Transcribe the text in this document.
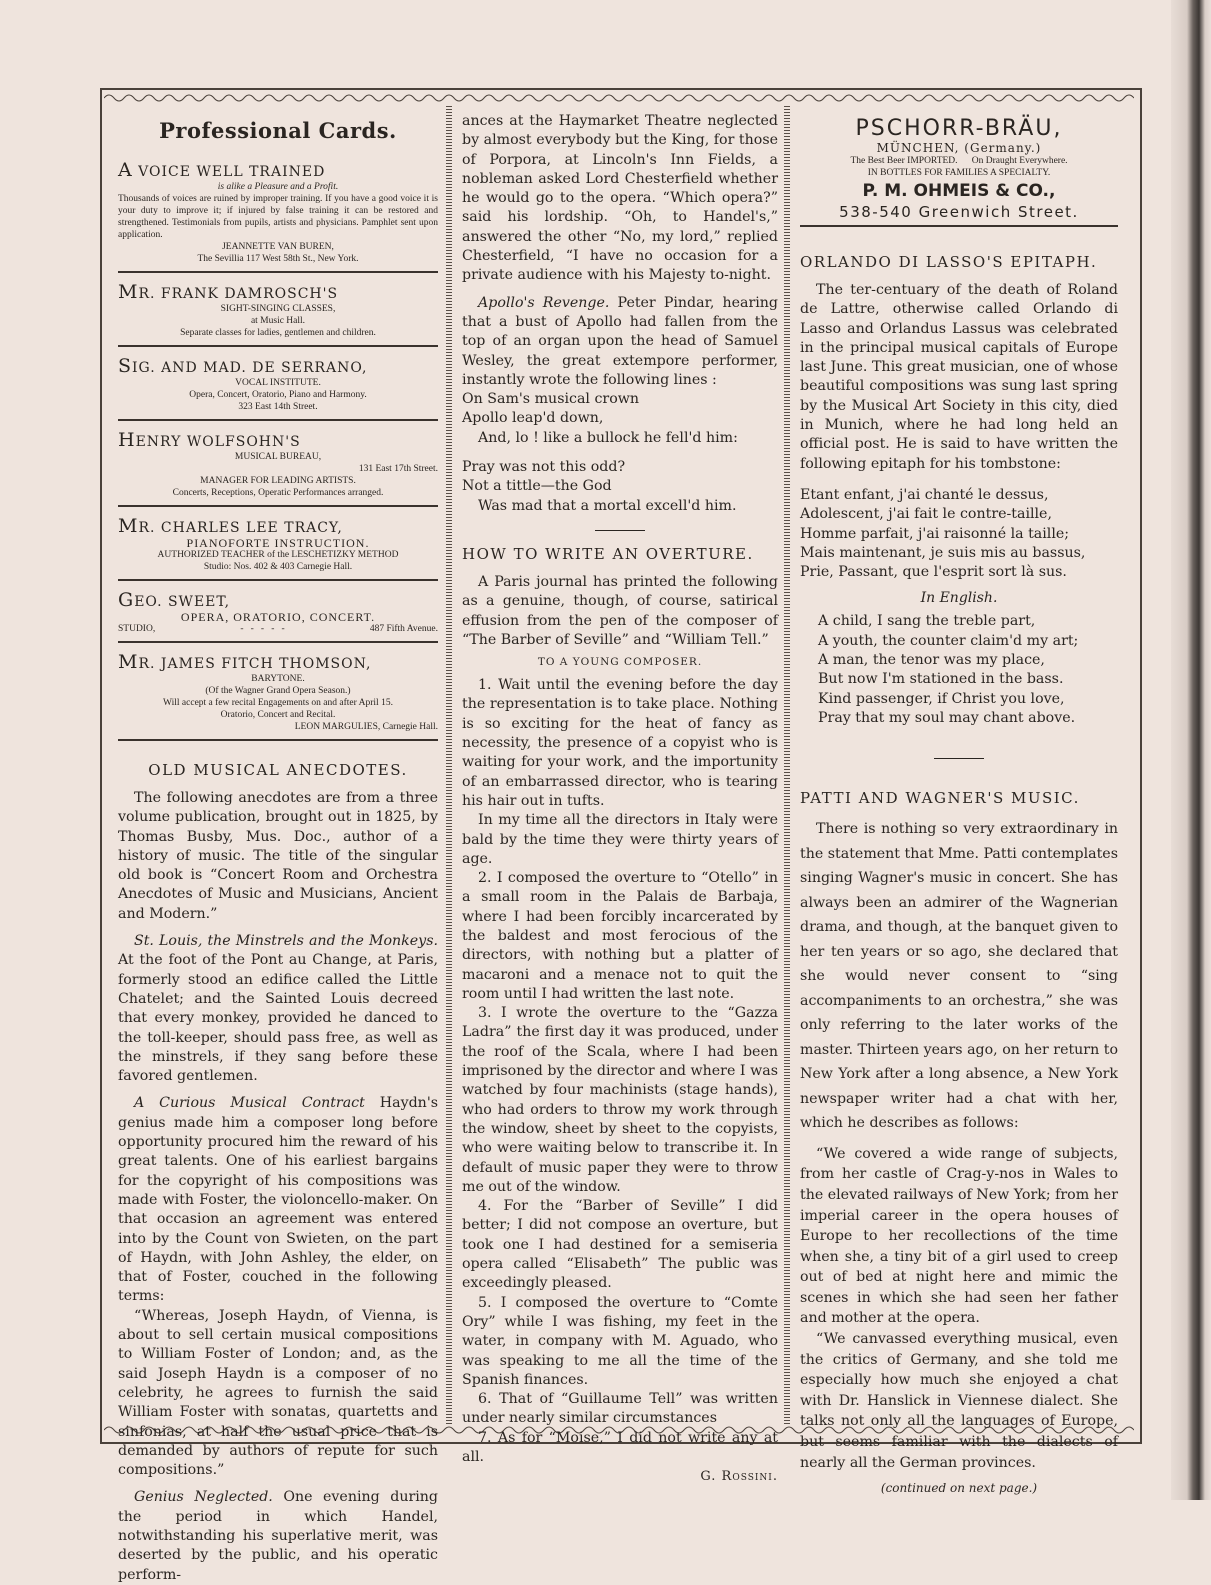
Professional Cards.
A VOICE WELL TRAINED
is alike a Pleasure and a Profit.
Thousands of voices are ruined by improper training. If you have a good voice it is your duty to improve it; if injured by false training it can be restored and strengthened. Testimonials from pupils, artists and physicians. Pamphlet sent upon application.
JEANNETTE VAN BUREN,
The Sevillia 117 West 58th St., New York.
MR. FRANK DAMROSCH'S
SIGHT-SINGING CLASSES,
at Music Hall.
Separate classes for ladies, gentlemen and children.
SIG. AND MAD. DE SERRANO,
VOCAL INSTITUTE.
Opera, Concert, Oratorio, Piano and Harmony.
323 East 14th Street.
HENRY WOLFSOHN'S
MUSICAL BUREAU,
131 East 17th Street.
MANAGER FOR LEADING ARTISTS.
Concerts, Receptions, Operatic Performances arranged.
MR. CHARLES LEE TRACY,
PIANOFORTE INSTRUCTION.
AUTHORIZED TEACHER of the LESCHETIZKY METHOD
Studio: Nos. 402 & 403 Carnegie Hall.
GEO. SWEET,
OPERA, ORATORIO, CONCERT.
STUDIO,	-   -   -   -   -	487 Fifth Avenue.
MR. JAMES FITCH THOMSON,
BARYTONE.
(Of the Wagner Grand Opera Season.)
Will accept a few recital Engagements on and after April 15.
Oratorio, Concert and Recital.
LEON MARGULIES, Carnegie Hall.
OLD MUSICAL ANECDOTES.

The following anecdotes are from a three volume publication, brought out in 1825, by Thomas Busby, Mus. Doc., author of a history of music. The title of the singular old book is “Concert Room and Orchestra Anecdotes of Music and Musicians, Ancient and Modern.”

St. Louis, the Minstrels and the Monkeys. At the foot of the Pont au Change, at Paris, formerly stood an edifice called the Little Chatelet; and the Sainted Louis decreed that every monkey, provided he danced to the toll-keeper, should pass free, as well as the minstrels, if they sang before these favored gentlemen.

A Curious Musical Contract Haydn's genius made him a composer long before opportunity procured him the reward of his great talents. One of his earliest bargains for the copyright of his compositions was made with Foster, the violoncello-maker. On that occasion an agreement was entered into by the Count von Swieten, on the part of Haydn, with John Ashley, the elder, on that of Foster, couched in the following terms:

“Whereas, Joseph Haydn, of Vienna, is about to sell certain musical compositions to William Foster of London; and, as the said Joseph Haydn is a composer of no celebrity, he agrees to furnish the said William Foster with sonatas, quartetts and sinfonias, at half the usual price that is demanded by authors of repute for such compositions.”

Genius Neglected. One evening during the period in which Handel, notwithstanding his superlative merit, was deserted by the public, and his operatic perform-

ances at the Haymarket Theatre neglected by almost everybody but the King, for those of Porpora, at Lincoln's Inn Fields, a nobleman asked Lord Chesterfield whether he would go to the opera. “Which opera?” said his lordship. “Oh, to Handel's,” answered the other “No, my lord,” replied Chesterfield, “I have no occasion for a private audience with his Majesty to-night.

Apollo's Revenge. Peter Pindar, hearing that a bust of Apollo had fallen from the top of an organ upon the head of Samuel Wesley, the great extempore performer, instantly wrote the following lines :

On Sam's musical crown
Apollo leap'd down,
And, lo ! like a bullock he fell'd him:
Pray was not this odd?
Not a tittle—the God
Was mad that a mortal excell'd him.
HOW TO WRITE AN OVERTURE.

A Paris journal has printed the following as a genuine, though, of course, satirical effusion from the pen of the composer of “The Barber of Seville” and “William Tell.”

TO A YOUNG COMPOSER.

1. Wait until the evening before the day the representation is to take place. Nothing is so exciting for the heat of fancy as necessity, the presence of a copyist who is waiting for your work, and the importunity of an embarrassed director, who is tearing his hair out in tufts.

In my time all the directors in Italy were bald by the time they were thirty years of age.

2. I composed the overture to “Otello” in a small room in the Palais de Barbaja, where I had been forcibly incarcerated by the baldest and most ferocious of the directors, with nothing but a platter of macaroni and a menace not to quit the room until I had written the last note.

3. I wrote the overture to the “Gazza Ladra” the first day it was produced, under the roof of the Scala, where I had been imprisoned by the director and where I was watched by four machinists (stage hands), who had orders to throw my work through the window, sheet by sheet to the copyists, who were waiting below to transcribe it. In default of music paper they were to throw me out of the window.

4. For the “Barber of Seville” I did better; I did not compose an overture, but took one I had destined for a semiseria opera called “Elisabeth” The public was exceedingly pleased.

5. I composed the overture to “Comte Ory” while I was fishing, my feet in the water, in company with M. Aguado, who was speaking to me all the time of the Spanish finances.

6. That of “Guillaume Tell” was written under nearly similar circumstances

7. As for “Moise,” I did not write any at all.

G. Rossini.
PSCHORR-BRÄU,
MÜNCHEN, (Germany.)
The Best Beer IMPORTED.      On Draught Everywhere.
IN BOTTLES FOR FAMILIES A SPECIALTY.
P. M. OHMEIS & CO.,
538-540 Greenwich Street.
ORLANDO DI LASSO'S EPITAPH.

The ter-centuary of the death of Roland de Lattre, otherwise called Orlando di Lasso and Orlandus Lassus was celebrated in the principal musical capitals of Europe last June. This great musician, one of whose beautiful compositions was sung last spring by the Musical Art Society in this city, died in Munich, where he had long held an official post. He is said to have written the following epitaph for his tombstone:

Etant enfant, j'ai chanté le dessus,
Adolescent, j'ai fait le contre-taille,
Homme parfait, j'ai raisonné la taille;
Mais maintenant, je suis mis au bassus,
Prie, Passant, que l'esprit sort là sus.
In English.
A child, I sang the treble part,
A youth, the counter claim'd my art;
A man, the tenor was my place,
But now I'm stationed in the bass.
Kind passenger, if Christ you love,
Pray that my soul may chant above.
PATTI AND WAGNER'S MUSIC.

There is nothing so very extraordinary in the statement that Mme. Patti contemplates singing Wagner's music in concert. She has always been an admirer of the Wagnerian drama, and though, at the banquet given to her ten years or so ago, she declared that she would never consent to “sing accompaniments to an orchestra,” she was only referring to the later works of the master. Thirteen years ago, on her return to New York after a long absence, a New York newspaper writer had a chat with her, which he describes as follows:

“We covered a wide range of subjects, from her castle of Crag-y-nos in Wales to the elevated railways of New York; from her imperial career in the opera houses of Europe to her recollections of the time when she, a tiny bit of a girl used to creep out of bed at night here and mimic the scenes in which she had seen her father and mother at the opera.

“We canvassed everything musical, even the critics of Germany, and she told me especially how much she enjoyed a chat with Dr. Hanslick in Viennese dialect. She talks not only all the languages of Europe, but seems familiar with the dialects of nearly all the German provinces.

(continued on next page.)
